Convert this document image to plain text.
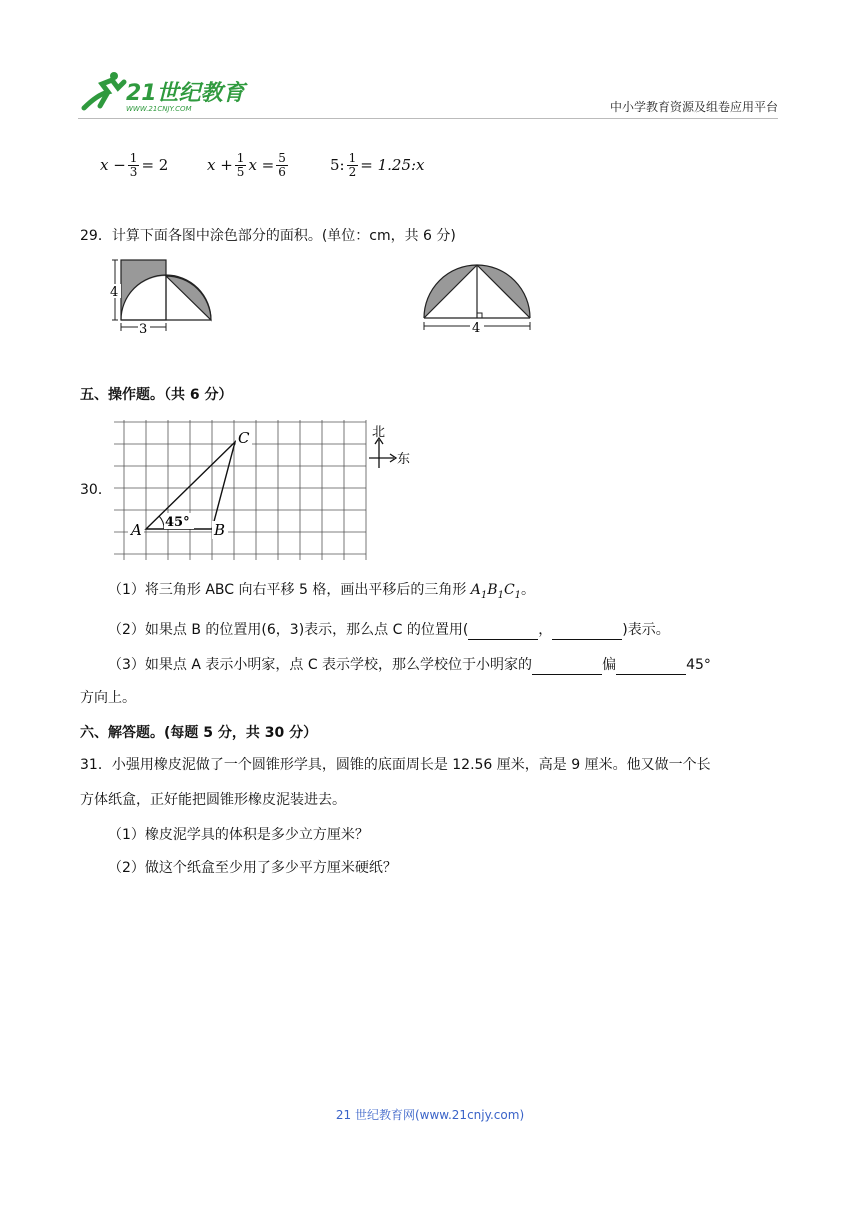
21世纪教育
WWW.21CNJY.COM	中小学教育资源及组卷应用平台
$x - \frac{1}{3} = 2$	$x + \frac{1}{5}$ $x = \frac{5}{6}$	5: $\frac{1}{2}$ = 1.25:x
29．计算下面各图中涂色部分的面积。(单位：cm，共 6 分)
4
3	4
五、操作题。（共 6 分）
30．
45°
A	B
C	北
东
（1）将三角形 ABC 向右平移 5 格，画出平移后的三角形 $A_1B_1C_1$。
（2）如果点 B 的位置用(6，3)表示，那么点 C 的位置用(	，	)表示。
（3）如果点 A 表示小明家，点 C 表示学校，那么学校位于小明家的	偏	45°
方向上。
六、解答题。(每题 5 分，共 30 分）
31．小强用橡皮泥做了一个圆锥形学具，圆锥的底面周长是 12.56 厘米，高是 9 厘米。他又做一个长
方体纸盒，正好能把圆锥形橡皮泥装进去。
（1）橡皮泥学具的体积是多少立方厘米？
（2）做这个纸盒至少用了多少平方厘米硬纸？
21 世纪教育网(www.21cnjy.com)
